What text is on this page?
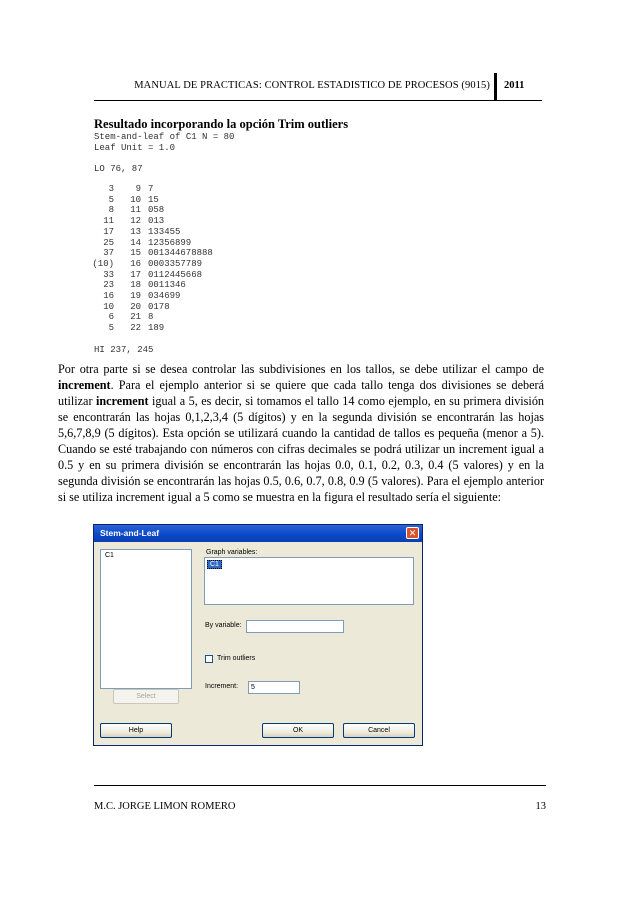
MANUAL DE PRACTICAS: CONTROL ESTADISTICO DE PROCESOS (9015) 2011
Resultado incorporando la opción Trim outliers
Stem-and-leaf of C1 N = 80
Leaf Unit = 1.0
LO 76, 87
3	9 7
5	10 15
8	11 058
11	12 013
17	13 133455
25	14 12356899
37	15 001344678888
(10)	16 0003357789
33	17 0112445668
23	18 0011346
16	19 034699
10	20 0178
6	21 8
5	22 189
HI 237, 245
Por otra parte si se desea controlar las subdivisiones en los tallos, se debe utilizar el campo de increment. Para el ejemplo anterior si se quiere que cada tallo tenga dos divisiones se deberá utilizar increment igual a 5, es decir, si tomamos el tallo 14 como ejemplo, en su primera división se encontrarán las hojas 0,1,2,3,4 (5 dígitos) y en la segunda división se encontrarán las hojas 5,6,7,8,9 (5 dígitos). Esta opción se utilizará cuando la cantidad de tallos es pequeña (menor a 5). Cuando se esté trabajando con números con cifras decimales se podrá utilizar un increment igual a 0.5 y en su primera división se encontrarán las hojas 0.0, 0.1, 0.2, 0.3, 0.4 (5 valores) y en la segunda división se encontrarán las hojas 0.5, 0.6, 0.7, 0.8, 0.9 (5 valores). Para el ejemplo anterior si se utiliza increment igual a 5 como se muestra en la figura el resultado sería el siguiente:
Stem-and-Leaf	✕
C1	Graph variables:
C1
By variable:
Trim outliers
Increment:	5
Select
Help	OK	Cancel
M.C. JORGE LIMON ROMERO	13
